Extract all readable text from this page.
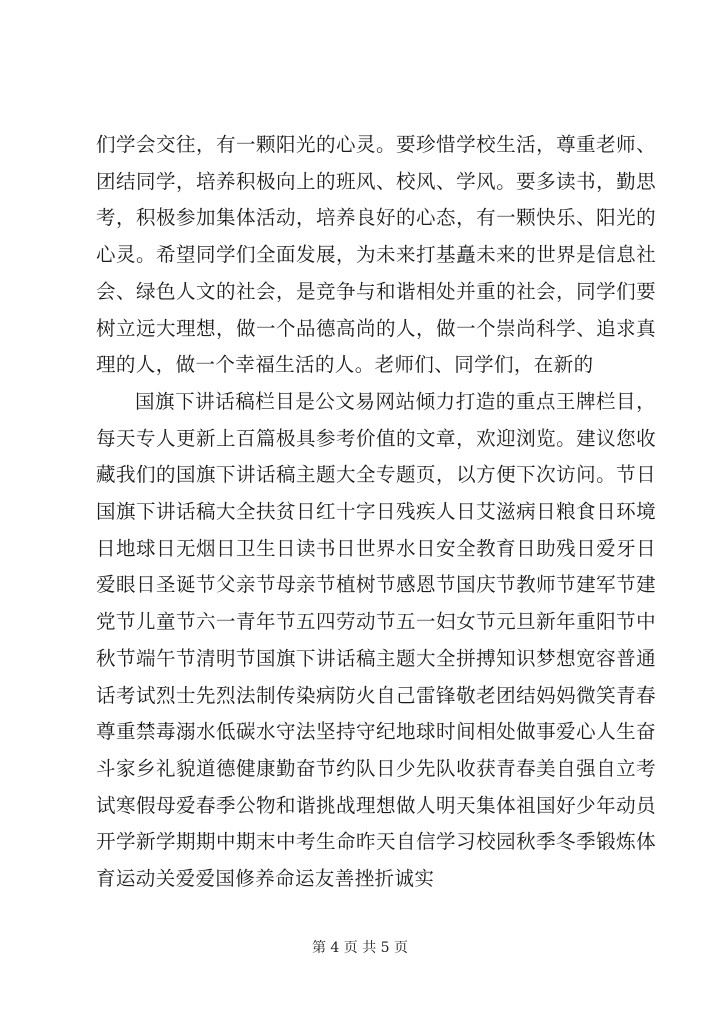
们学会交往，有一颗阳光的心灵。要珍惜学校生活，尊重老师、团结同学，培养积极向上的班风、校风、学风。要多读书，勤思考，积极参加集体活动，培养良好的心态，有一颗快乐、阳光的心灵。希望同学们全面发展，为未来打基矗未来的世界是信息社会、绿色人文的社会，是竞争与和谐相处并重的社会，同学们要树立远大理想，做一个品德高尚的人，做一个崇尚科学、追求真理的人，做一个幸福生活的人。老师们、同学们，在新的

国旗下讲话稿栏目是公文易网站倾力打造的重点王牌栏目，每天专人更新上百篇极具参考价值的文章，欢迎浏览。建议您收藏我们的国旗下讲话稿主题大全专题页，以方便下次访问。节日国旗下讲话稿大全扶贫日红十字日残疾人日艾滋病日粮食日环境日地球日无烟日卫生日读书日世界水日安全教育日助残日爱牙日爱眼日圣诞节父亲节母亲节植树节感恩节国庆节教师节建军节建党节儿童节六一青年节五四劳动节五一妇女节元旦新年重阳节中秋节端午节清明节国旗下讲话稿主题大全拼搏知识梦想宽容普通话考试烈士先烈法制传染病防火自己雷锋敬老团结妈妈微笑青春尊重禁毒溺水低碳水守法坚持守纪地球时间相处做事爱心人生奋斗家乡礼貌道德健康勤奋节约队日少先队收获青春美自强自立考试寒假母爱春季公物和谐挑战理想做人明天集体祖国好少年动员开学新学期期中期末中考生命昨天自信学习校园秋季冬季锻炼体育运动关爱爱国修养命运友善挫折诚实

第 4 页 共 5 页
